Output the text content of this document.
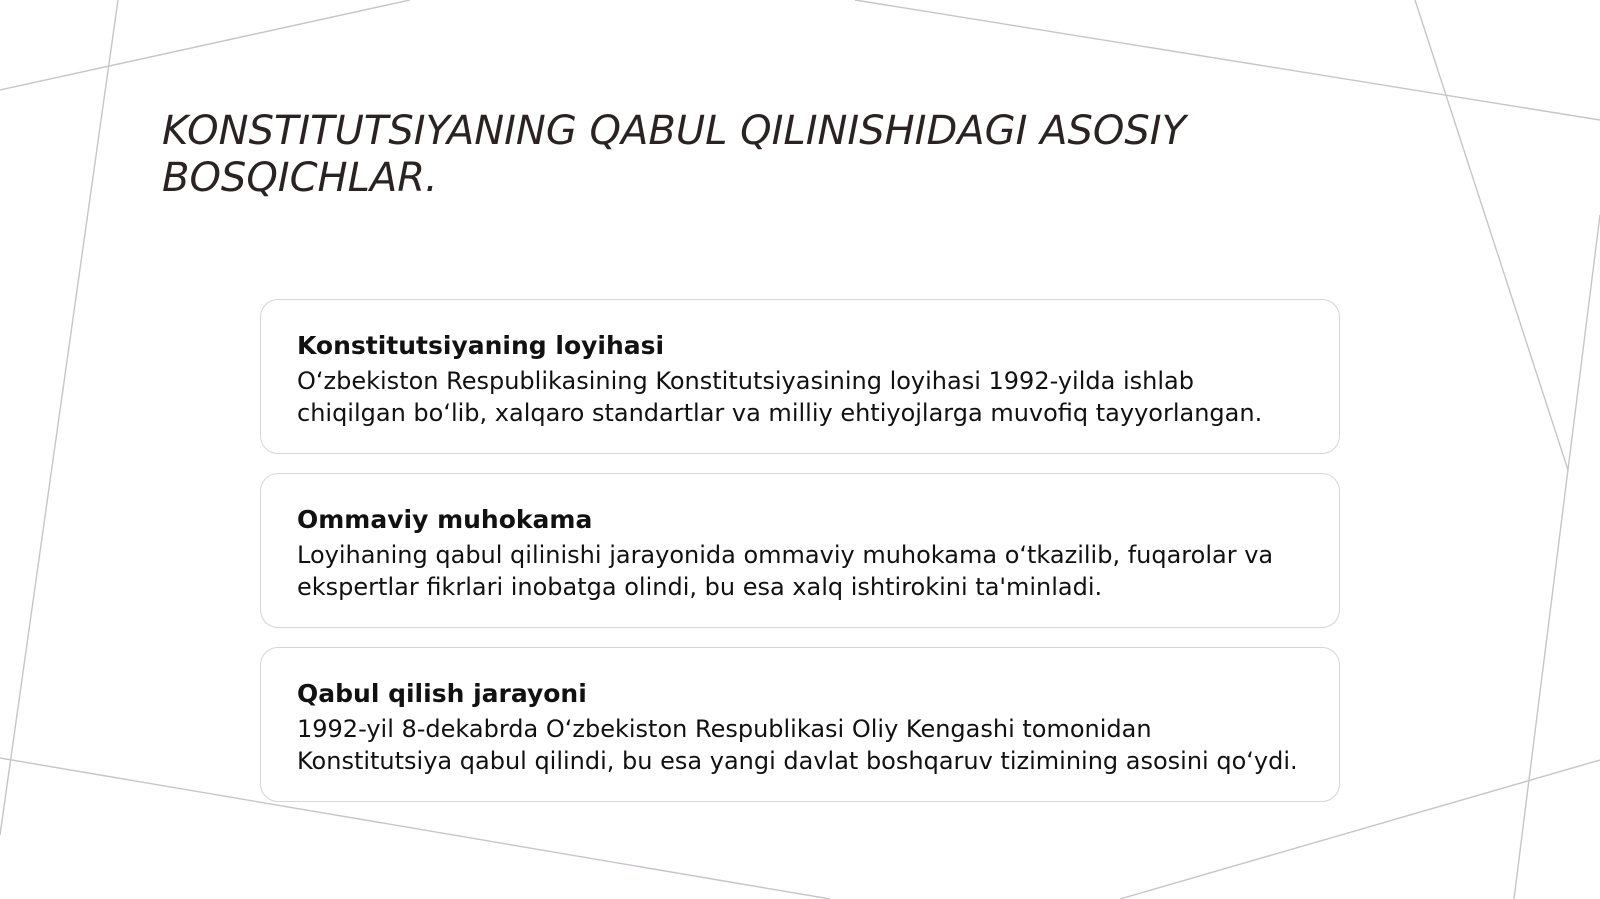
KONSTITUTSIYANING QABUL QILINISHIDAGI ASOSIY BOSQICHLAR.
Konstitutsiyaning loyihasi

O‘zbekiston Respublikasining Konstitutsiyasining loyihasi 1992-yilda ishlab chiqilgan bo‘lib, xalqaro standartlar va milliy ehtiyojlarga muvofiq tayyorlangan.

Ommaviy muhokama

Loyihaning qabul qilinishi jarayonida ommaviy muhokama o‘tkazilib, fuqarolar va ekspertlar fikrlari inobatga olindi, bu esa xalq ishtirokini ta'minladi.

Qabul qilish jarayoni

1992-yil 8-dekabrda O‘zbekiston Respublikasi Oliy Kengashi tomonidan Konstitutsiya qabul qilindi, bu esa yangi davlat boshqaruv tizimining asosini qo‘ydi.
